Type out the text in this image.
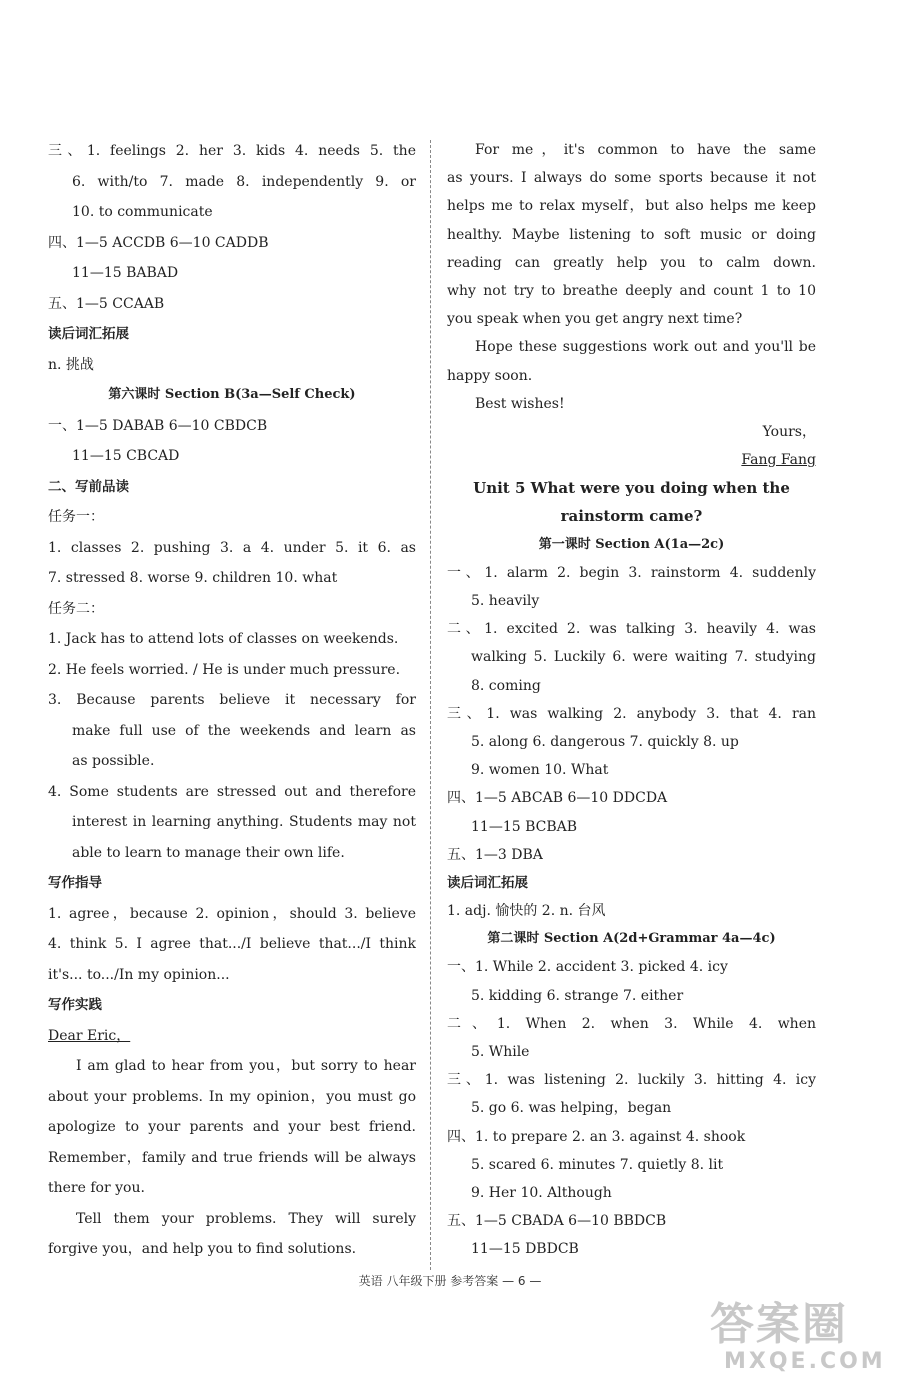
三、1. feelings 2. her 3. kids 4. needs 5. the
6. with/to 7. made 8. independently 9. or
10. to communicate
四、1—5 ACCDB 6—10 CADDB
11—15 BABAD
五、1—5 CCAAB
读后词汇拓展
n. 挑战
第六课时 Section B(3a—Self Check)
一、1—5 DABAB 6—10 CBDCB
11—15 CBCAD
二、写前品读
任务一：
1. classes 2. pushing 3. a 4. under 5. it 6. as
7. stressed 8. worse 9. children 10. what
任务二：
1. Jack has to attend lots of classes on weekends.
2. He feels worried. / He is under much pressure.
3. Because parents believe it necessary for
make full use of the weekends and learn as
as possible.
4. Some students are stressed out and therefore
interest in learning anything. Students may not
able to learn to manage their own life.
写作指导
1. agree，because 2. opinion，should 3. believe
4. think 5. I agree that.../I believe that.../I think
it's... to.../In my opinion...
写作实践
Dear Eric，
I am glad to hear from you，but sorry to hear
about your problems. In my opinion，you must go
apologize to your parents and your best friend.
Remember，family and true friends will be always
there for you.
Tell them your problems. They will surely
forgive you，and help you to find solutions.
For me，it's common to have the same
as yours. I always do some sports because it not
helps me to relax myself，but also helps me keep
healthy. Maybe listening to soft music or doing
reading can greatly help you to calm down.
why not try to breathe deeply and count 1 to 10
you speak when you get angry next time?
Hope these suggestions work out and you'll be
happy soon.
Best wishes!
Yours，
Fang Fang
Unit 5 What were you doing when the
rainstorm came?
第一课时 Section A(1a—2c)
一、1. alarm 2. begin 3. rainstorm 4. suddenly
5. heavily
二、1. excited 2. was talking 3. heavily 4. was
walking 5. Luckily 6. were waiting 7. studying
8. coming
三、1. was walking 2. anybody 3. that 4. ran
5. along 6. dangerous 7. quickly 8. up
9. women 10. What
四、1—5 ABCAB 6—10 DDCDA
11—15 BCBAB
五、1—3 DBA
读后词汇拓展
1. adj. 愉快的 2. n. 台风
第二课时 Section A(2d+Grammar 4a—4c)
一、1. While 2. accident 3. picked 4. icy
5. kidding 6. strange 7. either
二、1. When 2. when 3. While 4. when
5. While
三、1. was listening 2. luckily 3. hitting 4. icy
5. go 6. was helping，began
四、1. to prepare 2. an 3. against 4. shook
5. scared 6. minutes 7. quietly 8. lit
9. Her 10. Although
五、1—5 CBADA 6—10 BBDCB
11—15 DBDCB
英语 八年级下册 参考答案 — 6 —
答案圈
MXQE.COM
